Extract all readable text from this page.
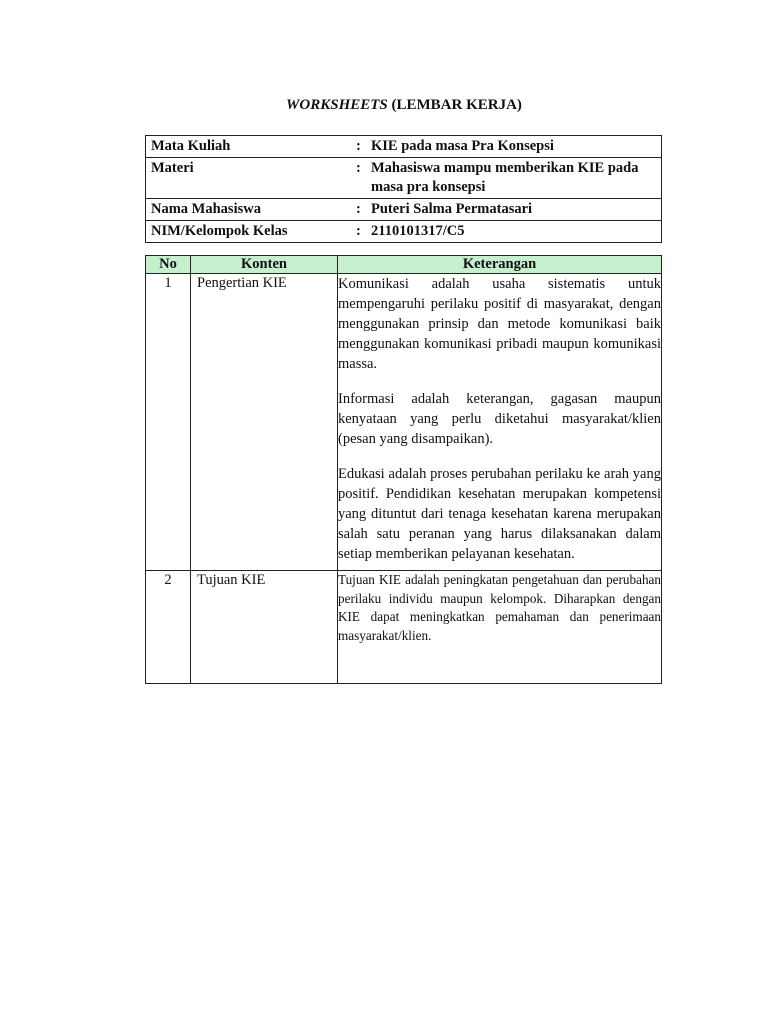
WORKSHEETS (LEMBAR KERJA)
Mata Kuliah	:	KIE pada masa Pra Konsepsi
Materi	:	Mahasiswa mampu memberikan KIE pada masa pra konsepsi
Nama Mahasiswa	:	Puteri Salma Permatasari
NIM/Kelompok Kelas	:	2110101317/C5
No	Konten	Keterangan
1	Pengertian KIE	Komunikasi adalah usaha sistematis untuk mempengaruhi perilaku positif di masyarakat, dengan menggunakan prinsip dan metode komunikasi baik menggunakan komunikasi pribadi maupun komunikasi massa.

Informasi adalah keterangan, gagasan maupun kenyataan yang perlu diketahui masyarakat/klien (pesan yang disampaikan).

Edukasi adalah proses perubahan perilaku ke arah yang positif. Pendidikan kesehatan merupakan kompetensi yang dituntut dari tenaga kesehatan karena merupakan salah satu peranan yang harus dilaksanakan dalam setiap memberikan pelayanan kesehatan.

2	Tujuan KIE	Tujuan KIE adalah peningkatan pengetahuan dan perubahan perilaku individu maupun kelompok. Diharapkan dengan KIE dapat meningkatkan pemahaman dan penerimaan masyarakat/klien.
